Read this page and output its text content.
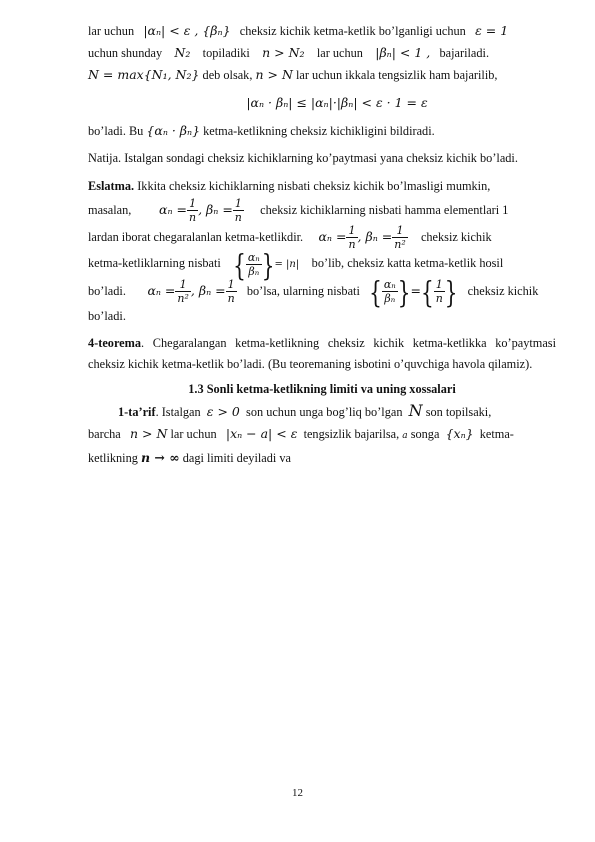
lar uchun |αₙ| < ε , {βₙ} cheksiz kichik ketma-ketlik bo’lganligi uchun ε = 1
uchun shunday N₂ topiladiki n > N₂ lar uchun |βₙ| < 1 , bajariladi.
N = max{N₁, N₂} deb olsak, n > N lar uchun ikkala tengsizlik ham bajarilib,

|αₙ · βₙ| ≤ |αₙ|·|βₙ| < ε · 1 = ε

bo’ladi. Bu {αₙ · βₙ} ketma-ketlikning cheksiz kichikligini bildiradi.

Natija. Istalgan sondagi cheksiz kichiklarning ko’paytmasi yana cheksiz kichik bo’ladi.

Eslatma. Ikkita cheksiz kichiklarning nisbati cheksiz kichik bo’lmasligi mumkin,
masalan, $\alpha_n = \frac{1}{n}$ , $\beta_n = \frac{1}{n}$ cheksiz kichiklarning nisbati hamma elementlari 1
lardan iborat chegaralanlan ketma-ketlikdir. $\alpha_n = \frac{1}{n}$ , $\beta_n = \frac{1}{\text{n²}}$ cheksiz kichik
ketma-ketliklarning nisbati { $\frac{\text{αₙ}}{\text{βₙ}}$ }= |n| bo’lib, cheksiz katta ketma-ketlik hosil
bo’ladi. $\alpha_n = \frac{1}{\text{n²}}$ , $\beta_n = \frac{1}{n}$ bo’lsa, ularning nisbati { $\frac{\text{αₙ}}{\text{βₙ}}$ }={ $\frac{1}{n}$ } cheksiz kichik
bo’ladi.

4-teorema. Chegaralangan ketma-ketlikning cheksiz kichik ketma-ketlikka ko’paytmasi cheksiz kichik ketma-ketlik bo’ladi. (Bu teoremaning isbotini o’quvchiga havola qilamiz).

1.3 Sonli ketma-ketlikning limiti va uning xossalari

1-ta’rif. Istalgan ε > 0 son uchun unga bog’liq bo’lgan N son topilsaki,
barcha n > N lar uchun |xₙ − a| < ε tengsizlik bajarilsa, a songa {xₙ} ketma-
ketlikning n → ∞ dagi limiti deyiladi va

12
